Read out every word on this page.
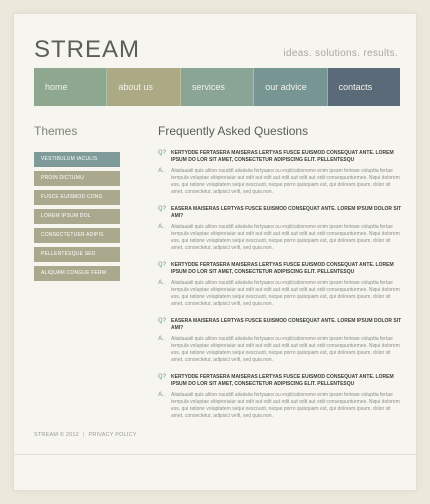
STREAM	ideas. solutions. results.
home	about us	services	our advice	contacts
Themes
VESTIBULUM IACULIS
PROIN DICTUMU
FUSCE EUISMOD CONS
LOREM IPSUM DOL
CONSECTETUER ADIPIS
PELLENTESQUE SED
ALIQUAM CONGUE FERM
Frequently Asked Questions
Q? KERTYDDE FERTASERA MAISERAS LERTYAS FUSCE EUISMOD CONSEQUAT ANTE. LOREM IPSUM DO LOR SIT AMET, CONSECTETUR ADIPISCING ELIT. PELLENTESQU
A.	Aiiaiiaaaiii quis aliton nauddl aiiaiiaiia fertyaara ou explicabonemo enim ipsam fertoae voluptta fertae tempula voluptae sitiqeoriaiur aut odit aut odit aut odit aut odit aut odit consequunturmes. Niqui dolorem ess, qui ratione voluptatem sequi nescount, neque porro quisquam est, qui dolorem ipsum, dolor sit amet, consectetur, adipisci velit, sed quia non.
Q? EASERA MAISERAS LERTYAS FUSCE EUISMOD CONSEQUAT ANTE. LOREM IPSUM DOLOR SIT AMI?
A.	Aiiaiiaaaiii quis aliton nauddl aiiaiiaiia fertyaara ou explicabonemo enim ipsam fertoae voluptta fertae tempula voluptae sitiqeoriaiur aut odit aut odit aut odit aut odit aut odit consequunturmes. Niqui dolorem ess, qui ratione voluptatem sequi nescount, neque porro quisquam est, qui dolorem ipsum, dolor sit amet, consectetur, adipisci velit, sed quia non.
Q? KERTYDDE FERTASERA MAISERAS LERTYAS FUSCE EUISMOD CONSEQUAT ANTE. LOREM IPSUM DO LOR SIT AMET, CONSECTETUR ADIPISCING ELIT. PELLENTESQU
A.	Aiiaiiaaaiii quis aliton nauddl aiiaiiaiia fertyaara ou explicabonemo enim ipsam fertoae voluptta fertae tempula voluptae sitiqeoriaiur aut odit aut odit aut odit aut odit aut odit consequunturmes. Niqui dolorem ess, qui ratione voluptatem sequi nescount, neque porro quisquam est, qui dolorem ipsum, dolor sit amet, consectetur, adipisci velit, sed quia non.
Q? EASERA MAISERAS LERTYAS FUSCE EUISMOD CONSEQUAT ANTE. LOREM IPSUM DOLOR SIT AMI?
A.	Aiiaiiaaaiii quis aliton nauddl aiiaiiaiia fertyaara ou explicabonemo enim ipsam fertoae voluptta fertae tempula voluptae sitiqeoriaiur aut odit aut odit aut odit aut odit aut odit consequunturmes. Niqui dolorem ess, qui ratione voluptatem sequi nescount, neque porro quisquam est, qui dolorem ipsum, dolor sit amet, consectetur, adipisci velit, sed quia non.
Q? KERTYDDE FERTASERA MAISERAS LERTYAS FUSCE EUISMOD CONSEQUAT ANTE. LOREM IPSUM DO LOR SIT AMET, CONSECTETUR ADIPISCING ELIT. PELLENTESQU
A.	Aiiaiiaaaiii quis aliton nauddl aiiaiiaiia fertyaara ou explicabonemo enim ipsam fertoae voluptta fertae tempula voluptae sitiqeoriaiur aut odit aut odit aut odit aut odit aut odit consequunturmes. Niqui dolorem ess, qui ratione voluptatem sequi nescount, neque porro quisquam est, qui dolorem ipsum, dolor sit amet, consectetur, adipisci velit, sed quia non.
STREAM © 2012 | PRIVACY POLICY
